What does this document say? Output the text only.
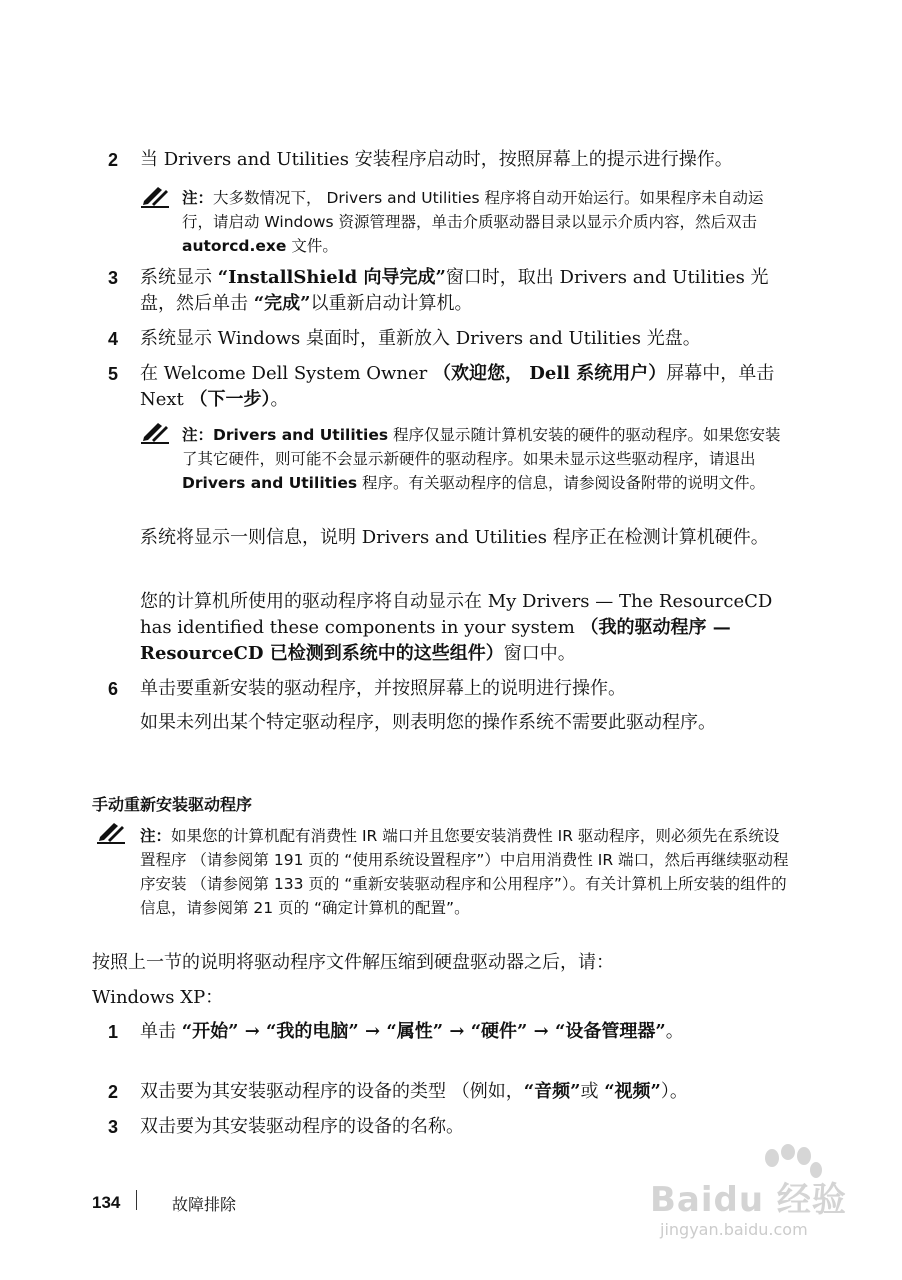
2 当 Drivers and Utilities 安装程序启动时，按照屏幕上的提示进行操作。
注：大多数情况下， Drivers and Utilities 程序将自动开始运行。如果程序未自动运行，请启动 Windows 资源管理器，单击介质驱动器目录以显示介质内容，然后双击 autorcd.exe 文件。
3 系统显示 “InstallShield 向导完成”窗口时，取出 Drivers and Utilities 光盘，然后单击 “完成”以重新启动计算机。
4 系统显示 Windows 桌面时，重新放入 Drivers and Utilities 光盘。
5 在 Welcome Dell System Owner （欢迎您， Dell 系统用户）屏幕中，单击 Next （下一步）。
注：Drivers and Utilities 程序仅显示随计算机安装的硬件的驱动程序。如果您安装了其它硬件，则可能不会显示新硬件的驱动程序。如果未显示这些驱动程序，请退出 Drivers and Utilities 程序。有关驱动程序的信息，请参阅设备附带的说明文件。
系统将显示一则信息，说明 Drivers and Utilities 程序正在检测计算机硬件。
您的计算机所使用的驱动程序将自动显示在 My Drivers — The ResourceCD has identified these components in your system （我的驱动程序 — ResourceCD 已检测到系统中的这些组件）窗口中。
6 单击要重新安装的驱动程序，并按照屏幕上的说明进行操作。
如果未列出某个特定驱动程序，则表明您的操作系统不需要此驱动程序。
手动重新安装驱动程序
注：如果您的计算机配有消费性 IR 端口并且您要安装消费性 IR 驱动程序，则必须先在系统设置程序 （请参阅第 191 页的 “使用系统设置程序”）中启用消费性 IR 端口，然后再继续驱动程序安装 （请参阅第 133 页的 “重新安装驱动程序和公用程序”）。有关计算机上所安装的组件的信息，请参阅第 21 页的 “确定计算机的配置”。
按照上一节的说明将驱动程序文件解压缩到硬盘驱动器之后，请：
Windows XP：
1 单击 “开始” → “我的电脑” → “属性” → “硬件” → “设备管理器”。
2 双击要为其安装驱动程序的设备的类型 （例如，“音频”或 “视频”）。
3 双击要为其安装驱动程序的设备的名称。
134	故障排除	Baidu 经验
jingyan.baidu.com
